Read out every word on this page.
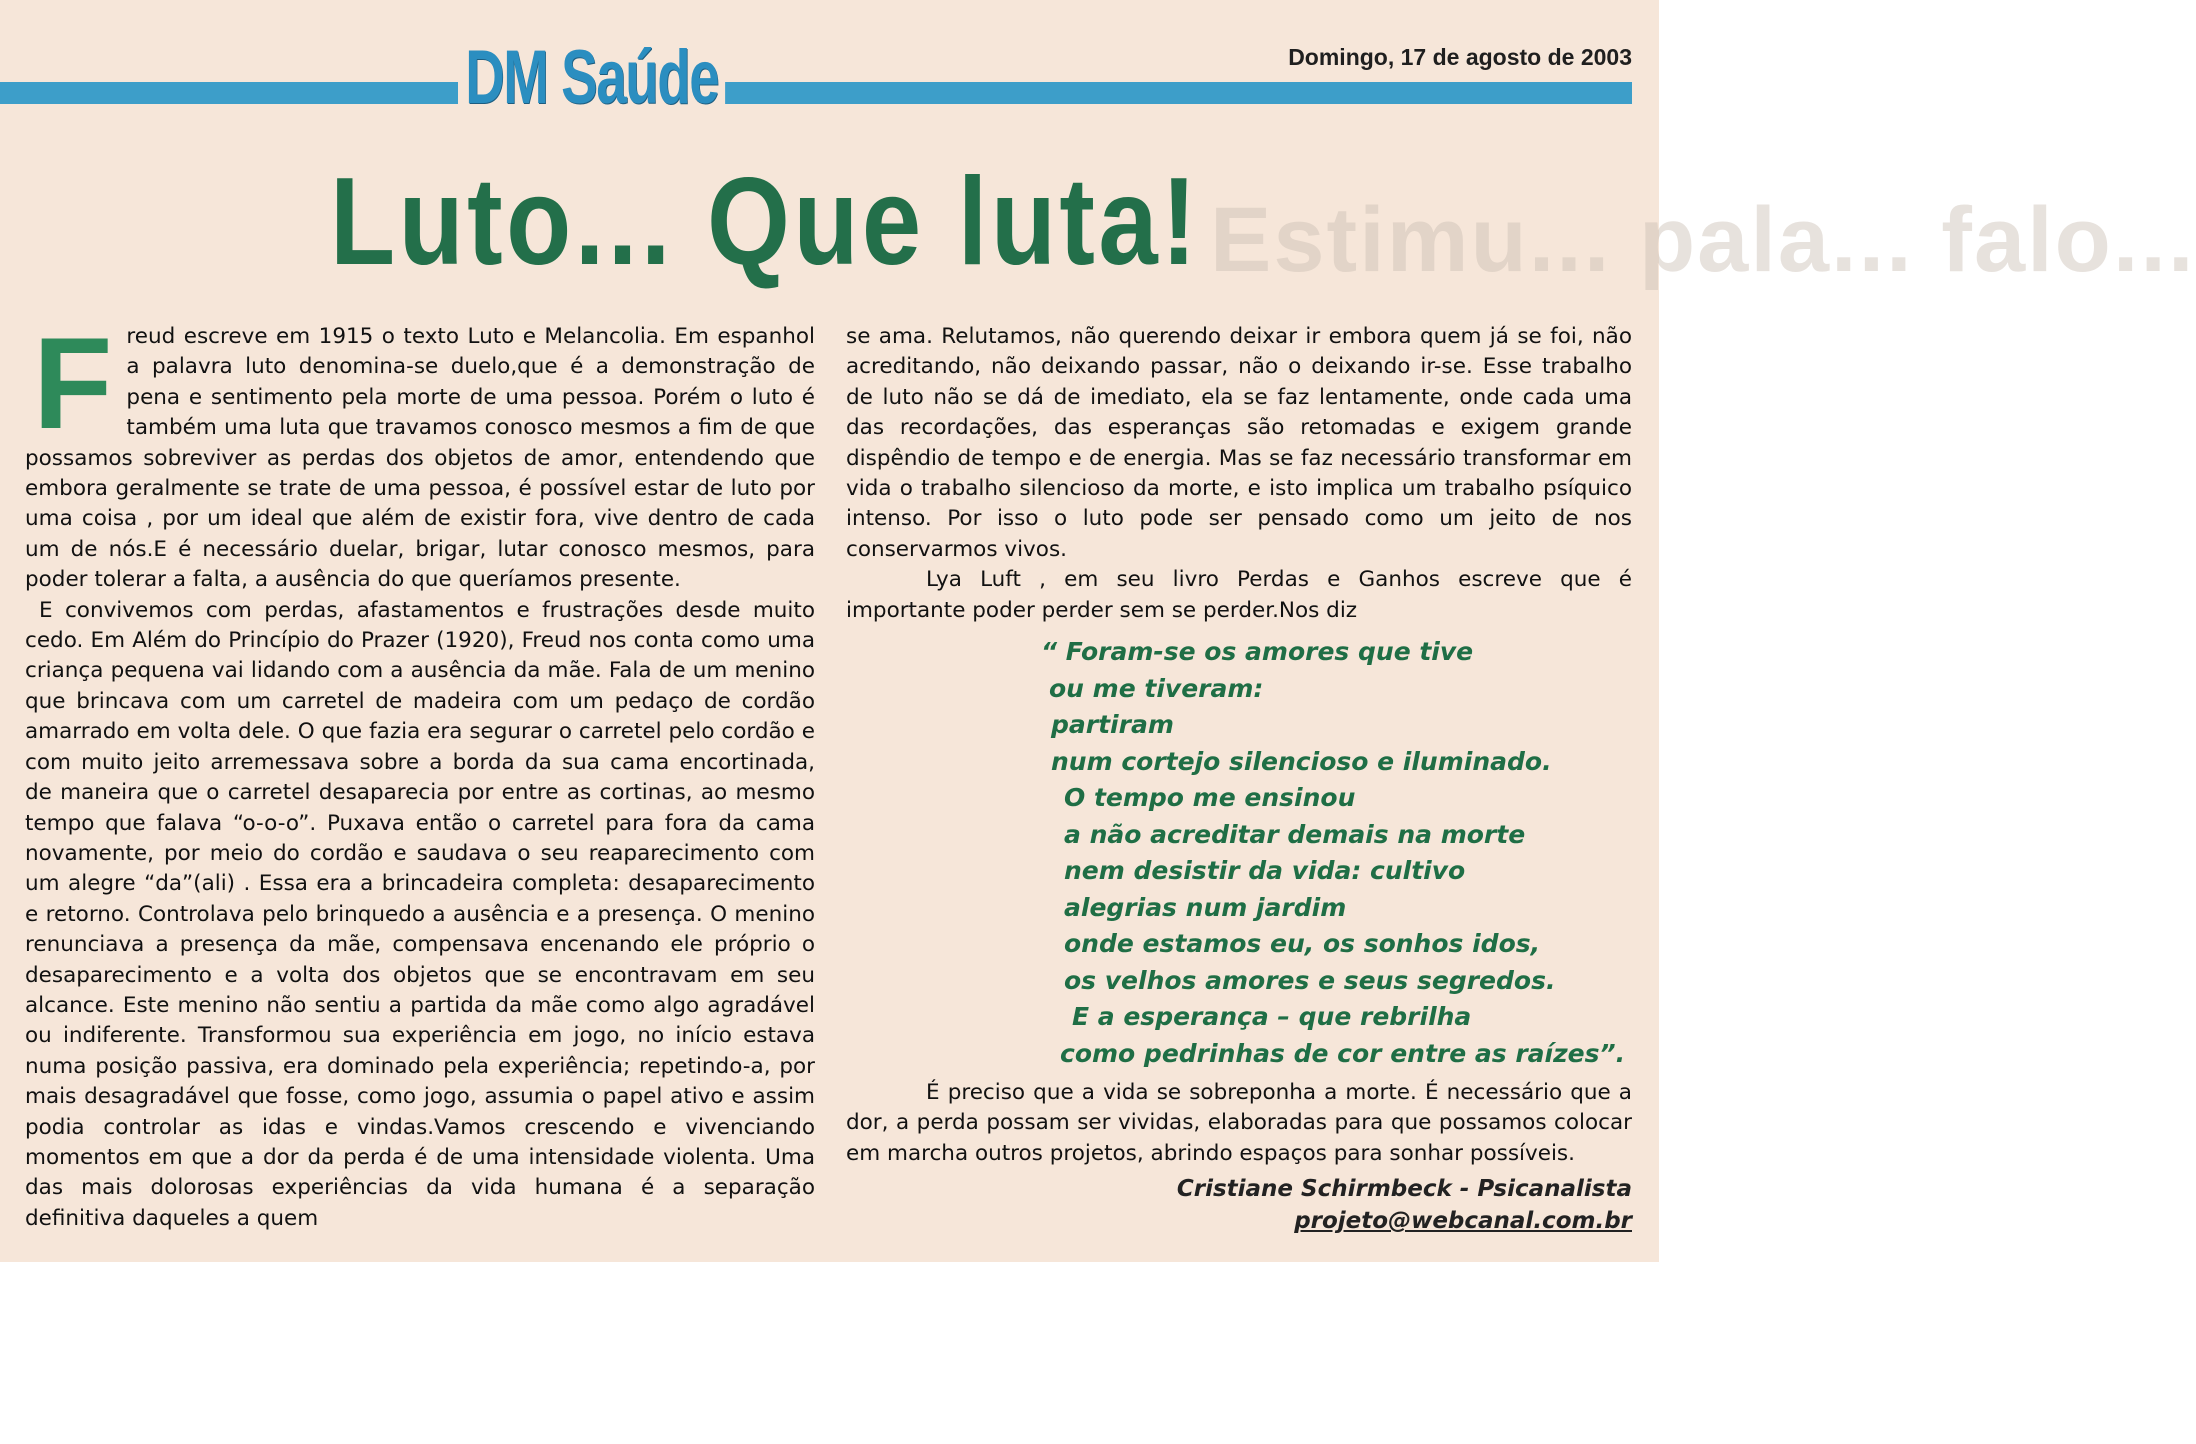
Estimu... pala... falo...
DM Saúde	Domingo, 17 de agosto de 2003
Luto... Que luta!

Freud escreve em 1915 o texto Luto e Melancolia. Em espanhol a palavra luto denomina-se duelo,que é a demonstração de pena e sentimento pela morte de uma pessoa. Porém o luto é também uma luta que travamos conosco mesmos a fim de que possamos sobreviver as perdas dos objetos de amor, entendendo que embora geralmente se trate de uma pessoa, é possível estar de luto por uma coisa , por um ideal que além de existir fora, vive dentro de cada um de nós.E é necessário duelar, brigar, lutar conosco mesmos, para poder tolerar a falta, a ausência do que queríamos presente.

E convivemos com perdas, afastamentos e frustrações desde muito cedo. Em Além do Princípio do Prazer (1920), Freud nos conta como uma criança pequena vai lidando com a ausência da mãe. Fala de um menino que brincava com um carretel de madeira com um pedaço de cordão amarrado em volta dele. O que fazia era segurar o carretel pelo cordão e com muito jeito arremessava sobre a borda da sua cama encortinada, de maneira que o carretel desaparecia por entre as cortinas, ao mesmo tempo que falava “o-o-o”. Puxava então o carretel para fora da cama novamente, por meio do cordão e saudava o seu reaparecimento com um alegre “da”(ali) . Essa era a brincadeira completa: desaparecimento e retorno. Controlava pelo brinquedo a ausência e a presença. O menino renunciava a presença da mãe, compensava encenando ele próprio o desaparecimento e a volta dos objetos que se encontravam em seu alcance. Este menino não sentiu a partida da mãe como algo agradável ou indiferente. Transformou sua experiência em jogo, no início estava numa posição passiva, era dominado pela experiência; repetindo-a, por mais desagradável que fosse, como jogo, assumia o papel ativo e assim podia controlar as idas e vindas.Vamos crescendo e vivenciando momentos em que a dor da perda é de uma intensidade violenta. Uma das mais dolorosas experiências da vida humana é a separação definitiva daqueles a quem

se ama. Relutamos, não querendo deixar ir embora quem já se foi, não acreditando, não deixando passar, não o deixando ir-se. Esse trabalho de luto não se dá de imediato, ela se faz lentamente, onde cada uma das recordações, das esperanças são retomadas e exigem grande dispêndio de tempo e de energia. Mas se faz necessário transformar em vida o trabalho silencioso da morte, e isto implica um trabalho psíquico intenso. Por isso o luto pode ser pensado como um jeito de nos conservarmos vivos.

Lya Luft , em seu livro Perdas e Ganhos escreve que é importante poder perder sem se perder.Nos diz

“ Foram-se os amores que tive
ou me tiveram:
partiram
num cortejo silencioso e iluminado.
O tempo me ensinou
a não acreditar demais na morte
nem desistir da vida: cultivo
alegrias num jardim
onde estamos eu, os sonhos idos,
os velhos amores e seus segredos.
E a esperança – que rebrilha
como pedrinhas de cor entre as raízes”.

É preciso que a vida se sobreponha a morte. É necessário que a dor, a perda possam ser vividas, elaboradas para que possamos colocar em marcha outros projetos, abrindo espaços para sonhar possíveis.

Cristiane Schirmbeck - Psicanalista
projeto@webcanal.com.br
